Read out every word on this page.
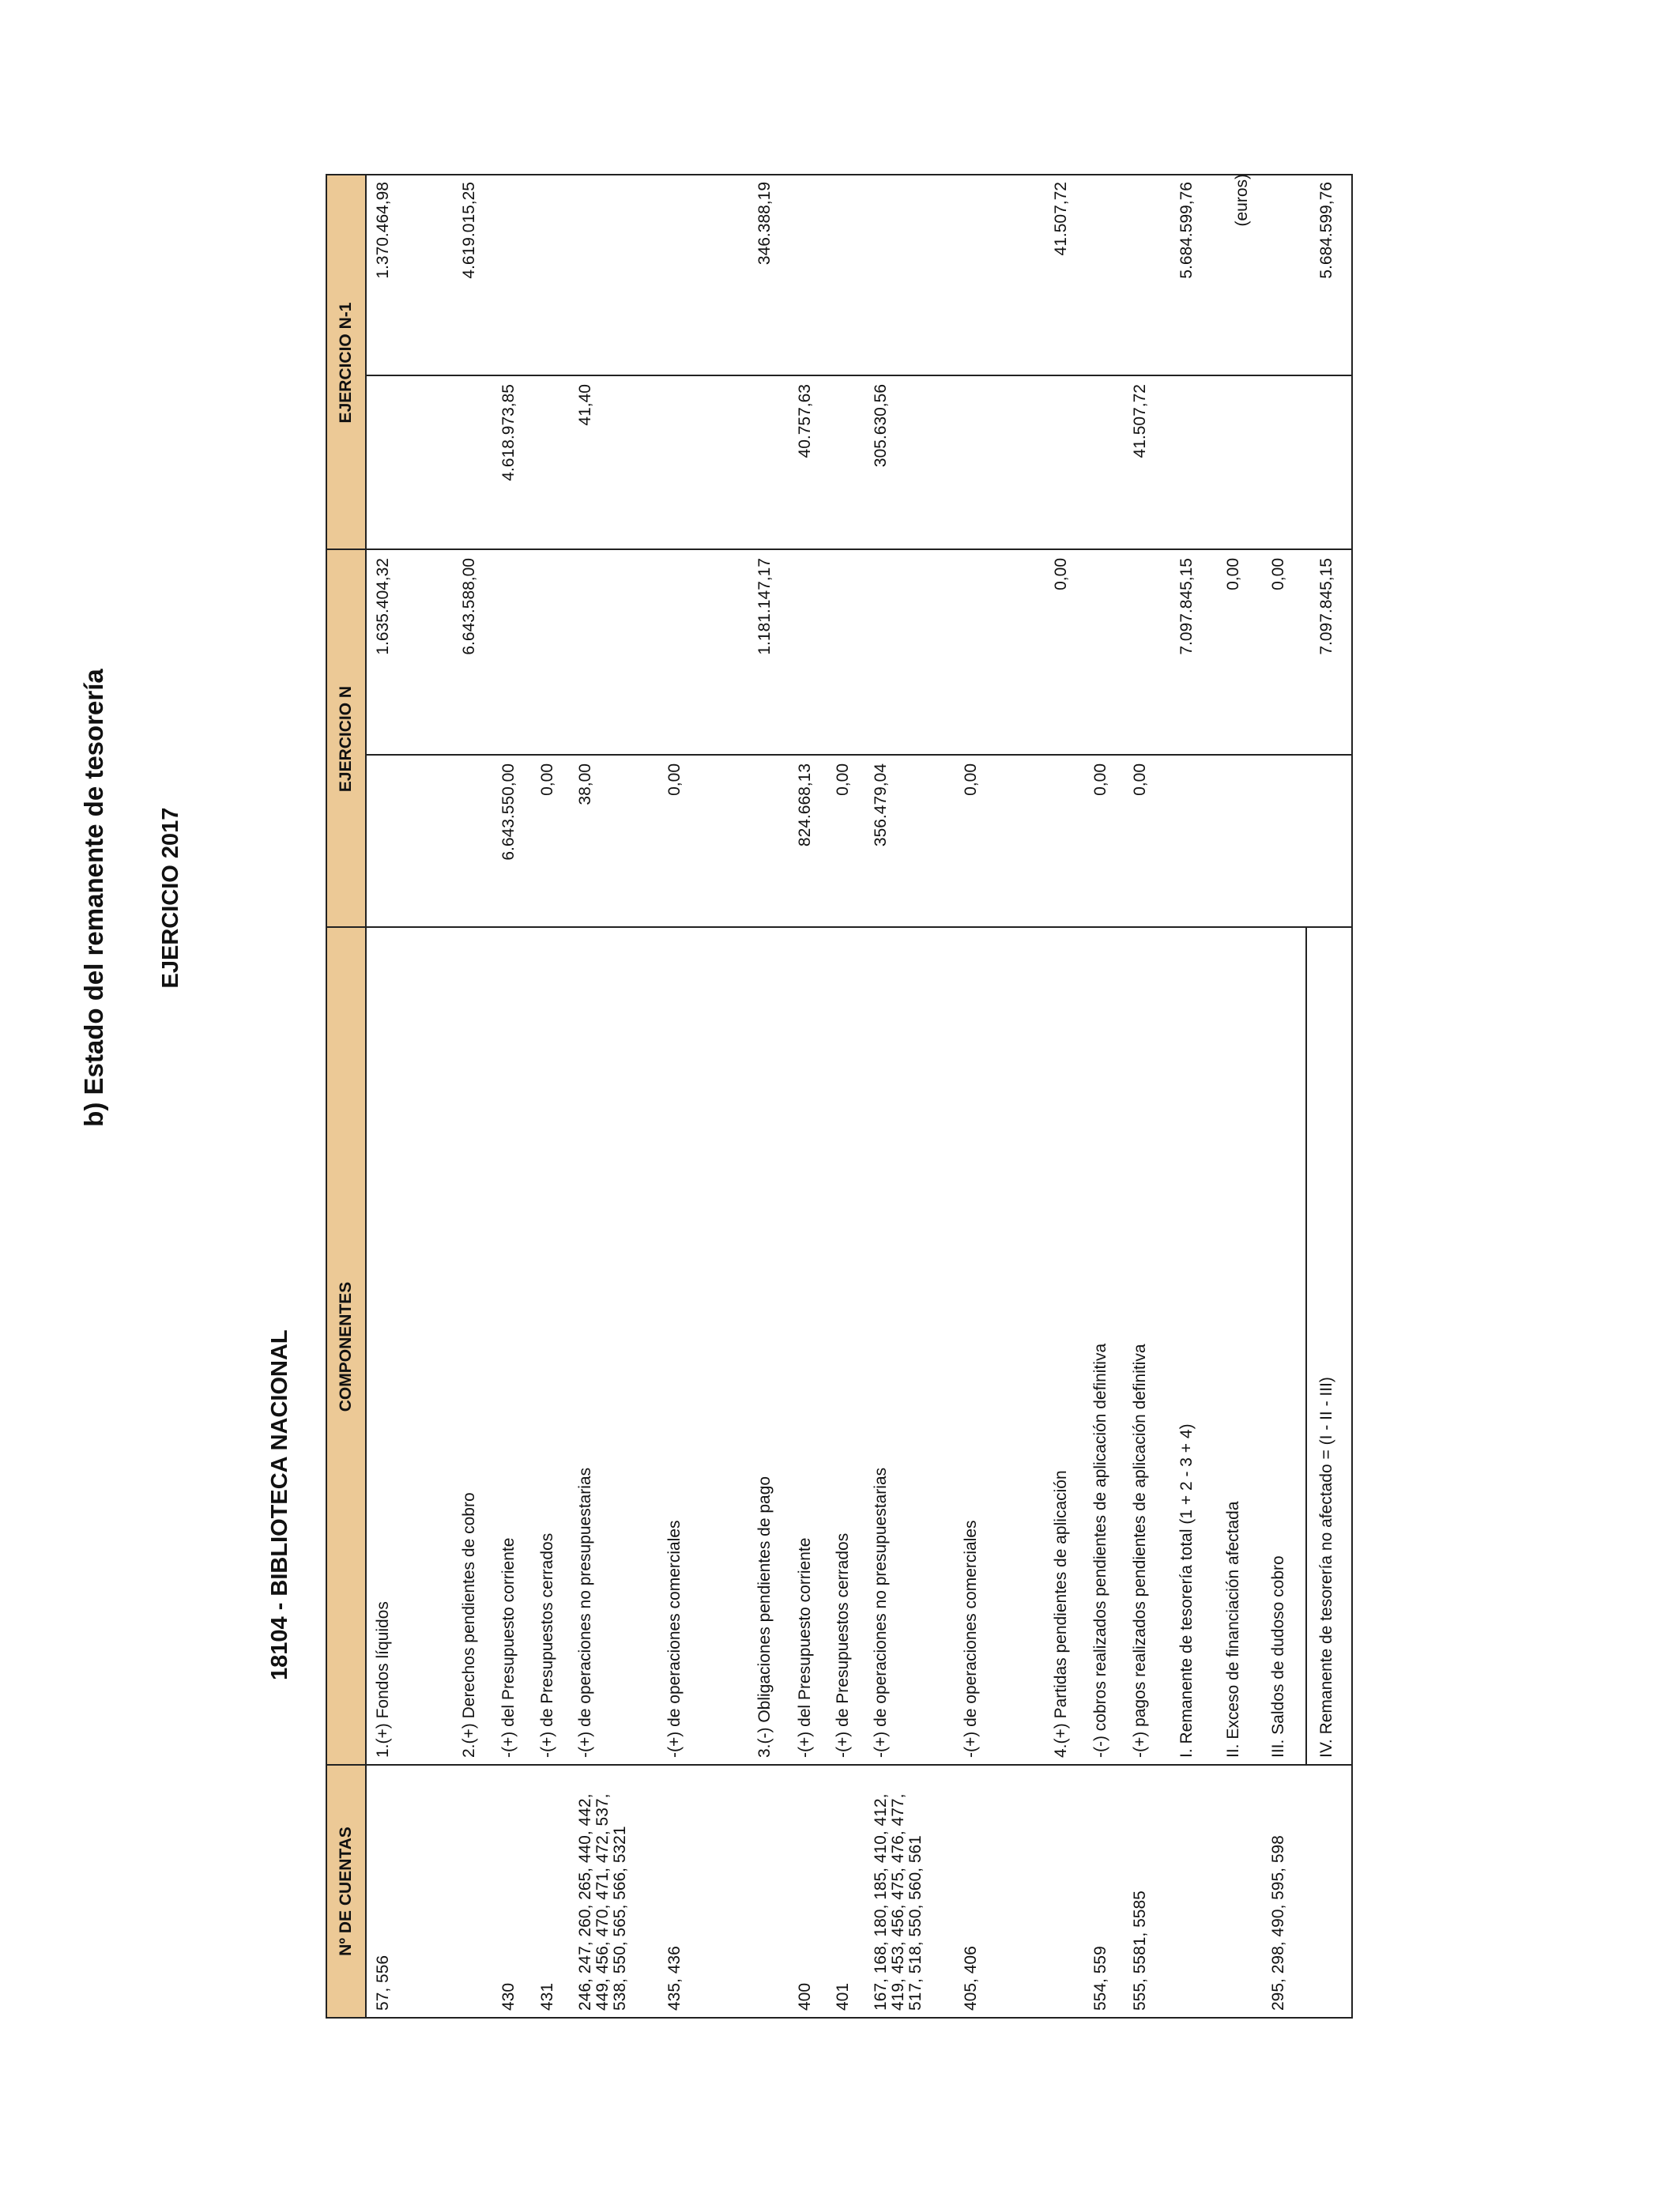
b) Estado del remanente de tesorería EJERCICIO 2017
18104 - BIBLIOTECA NACIONAL
(euros)
Nº DE CUENTAS
COMPONENTES
EJERCICIO N
EJERCICIO N-1
57, 556
1.(+) Fondos líquidos
1.635.404,32
1.370.464,98
2.(+) Derechos pendientes de cobro
6.643.588,00
4.619.015,25
430
-(+) del Presupuesto corriente
6.643.550,00
4.618.973,85
431
-(+) de Presupuestos cerrados
0,00
246, 247, 260, 265, 440, 442, 449, 456, 470, 471, 472, 537, 538, 550, 565, 566, 5321
-(+) de operaciones no presupuestarias
38,00
41,40
435, 436
-(+) de operaciones comerciales
0,00
3.(-) Obligaciones pendientes de pago
1.181.147,17
346.388,19
400
-(+) del Presupuesto corriente
824.668,13
40.757,63
401
-(+) de Presupuestos cerrados
0,00
167, 168, 180, 185, 410, 412, 419, 453, 456, 475, 476, 477, 517, 518, 550, 560, 561
-(+) de operaciones no presupuestarias
356.479,04
305.630,56
405, 406
-(+) de operaciones comerciales
0,00
4.(+) Partidas pendientes de aplicación
0,00
41.507,72
554, 559
-(-) cobros realizados pendientes de aplicación definitiva
0,00
555, 5581, 5585
-(+) pagos realizados pendientes de aplicación definitiva
0,00
41.507,72
I. Remanente de tesorería total (1 + 2 - 3 + 4)
7.097.845,15
5.684.599,76
II. Exceso de financiación afectada
0,00
295, 298, 490, 595, 598
III. Saldos de dudoso cobro
0,00
IV. Remanente de tesorería no afectado = (I - II - III)
7.097.845,15
5.684.599,76
